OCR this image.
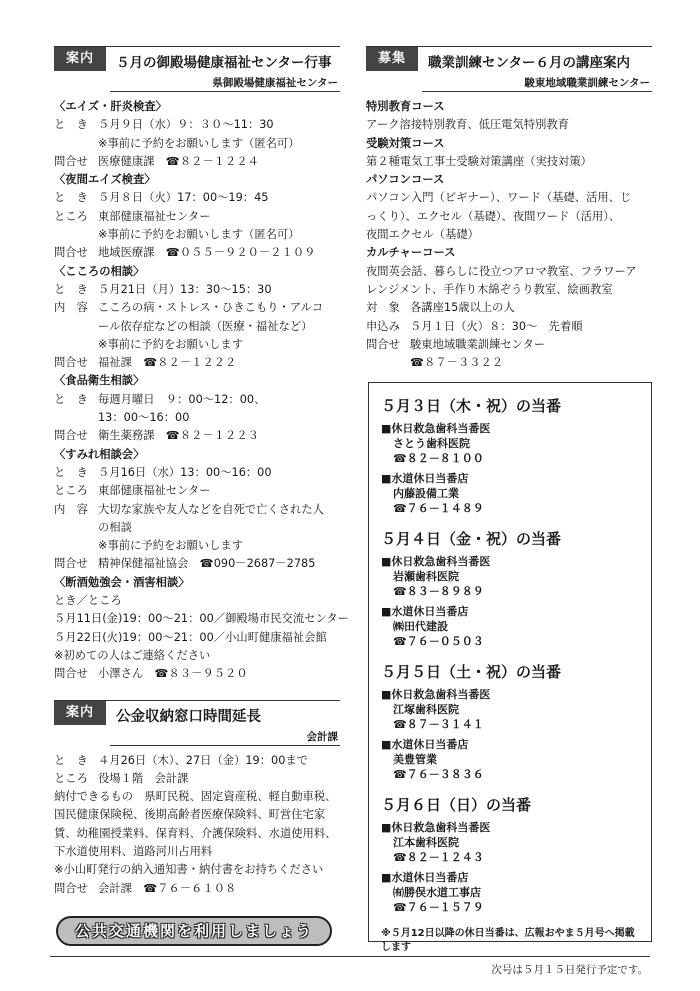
案内	５月の御殿場健康福祉センター行事
県御殿場健康福祉センター
〈エイズ・肝炎検査〉
と　き ５月９日（水）９：３０～11：30
※事前に予約をお願いします（匿名可）
問合せ 医療健康課　☎８２－１２２４
〈夜間エイズ検査〉
と　き ５月８日（火）17：00～19：45
ところ 東部健康福祉センター
※事前に予約をお願いします（匿名可）
問合せ 地域医療課　☎０５５－９２０－２１０９
〈こころの相談〉
と　き ５月21日（月）13：30～15：30
内　容 こころの病・ストレス・ひきこもり・アルコ
ール依存症などの相談（医療・福祉など）
※事前に予約をお願いします
問合せ 福祉課　☎８２－１２２２
〈食品衛生相談〉
と　き 毎週月曜日　９：00～12：00、
13：00～16：00
問合せ 衛生薬務課　☎８２－１２２３
〈すみれ相談会〉
と　き ５月16日（水）13：00～16：00
ところ 東部健康福祉センター
内　容 大切な家族や友人などを自死で亡くされた人
の相談
※事前に予約をお願いします
問合せ 精神保健福祉協会　☎090－2687－2785
〈断酒勉強会・酒害相談〉
とき／ところ
５月11日(金)19：00～21：00／御殿場市民交流センター
５月22日(火)19：00～21：00／小山町健康福祉会館
※初めての人はご連絡ください
問合せ 小澤さん　☎８３－９５２０
案内	公金収納窓口時間延長
会計課
と　き ４月26日（木）、27日（金）19：00まで
ところ 役場１階　会計課
納付できるもの　県町民税、固定資産税、軽自動車税、
国民健康保険税、後期高齢者医療保険料、町営住宅家
賃、幼稚園授業料、保育料、介護保険料、水道使用料、
下水道使用料、道路河川占用料
※小山町発行の納入通知書・納付書をお持ちください
問合せ 会計課　☎７６－６１０８
公共交通機関を利用しましょう
募集	職業訓練センター６月の講座案内
駿東地域職業訓練センター
特別教育コース
アーク溶接特別教育、低圧電気特別教育
受験対策コース
第２種電気工事士受験対策講座（実技対策）
パソコンコース
パソコン入門（ビギナー）、ワード（基礎、活用、じ
っくり）、エクセル（基礎）、夜間ワード（活用）、
夜間エクセル（基礎）
カルチャーコース
夜間英会話、暮らしに役立つアロマ教室、フラワーア
レンジメント、手作り木綿ぞうり教室、絵画教室
対　象 各講座15歳以上の人
申込み ５月１日（火）８：30～　先着順
問合せ 駿東地域職業訓練センター
☎８７－３３２２
５月３日（木・祝）の当番
■休日救急歯科当番医
さとう歯科医院
☎８２－８１００
■水道休日当番店
内藤設備工業
☎７６－１４８９
５月４日（金・祝）の当番
■休日救急歯科当番医
岩瀬歯科医院
☎８３－８９８９
■水道休日当番店
㈱田代建設
☎７６－０５０３
５月５日（土・祝）の当番
■休日救急歯科当番医
江塚歯科医院
☎８７－３１４１
■水道休日当番店
美豊管業
☎７６－３８３６
５月６日（日）の当番
■休日救急歯科当番医
江本歯科医院
☎８２－１２４３
■水道休日当番店
㈲勝俣水道工事店
☎７６－１５７９
※５月12日以降の休日当番は、広報おやま５月号へ掲載します
次号は５月１５日発行予定です。
